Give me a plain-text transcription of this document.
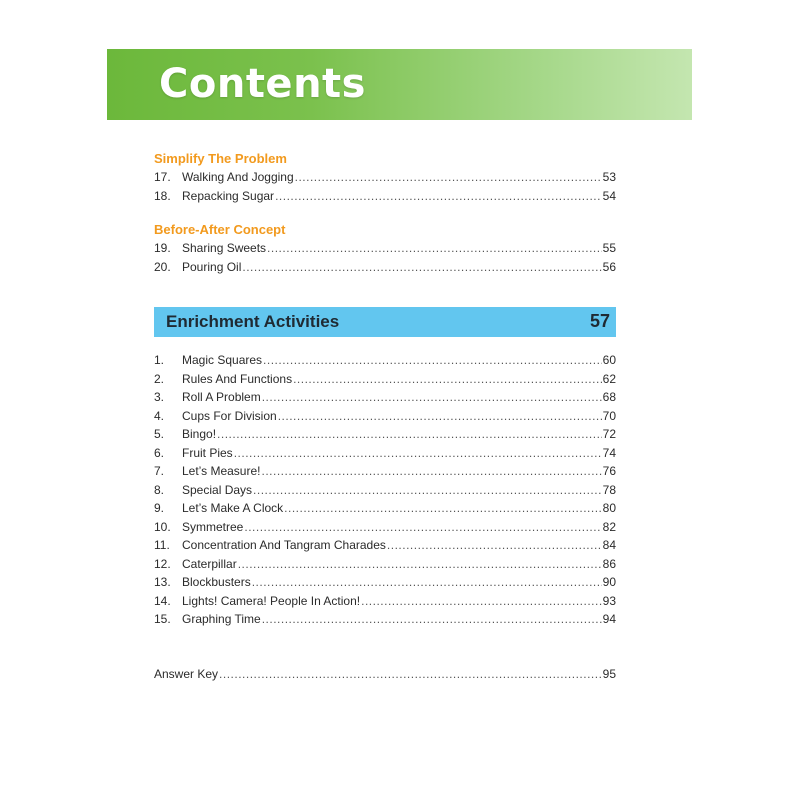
Contents
Simplify The Problem
17. Walking And Jogging .....	53
18. Repacking Sugar .....	54
Before-After Concept
19. Sharing Sweets .....	55
20. Pouring Oil .....	56
Enrichment Activities	57
1.	Magic Squares .....	60
2.	Rules And Functions .....	62
3.	Roll A Problem .....	68
4.	Cups For Division .....	70
5.	Bingo! .....	72
6.	Fruit Pies .....	74
7.	Let’s Measure! .....	76
8.	Special Days .....	78
9.	Let’s Make A Clock .....	80
10. Symmetree .....	82
11.	Concentration And Tangram Charades .....	84
12. Caterpillar .....	86
13. Blockbusters .....	90
14. Lights! Camera! People In Action! .....	93
15. Graphing Time .....	94
Answer Key .....	95
